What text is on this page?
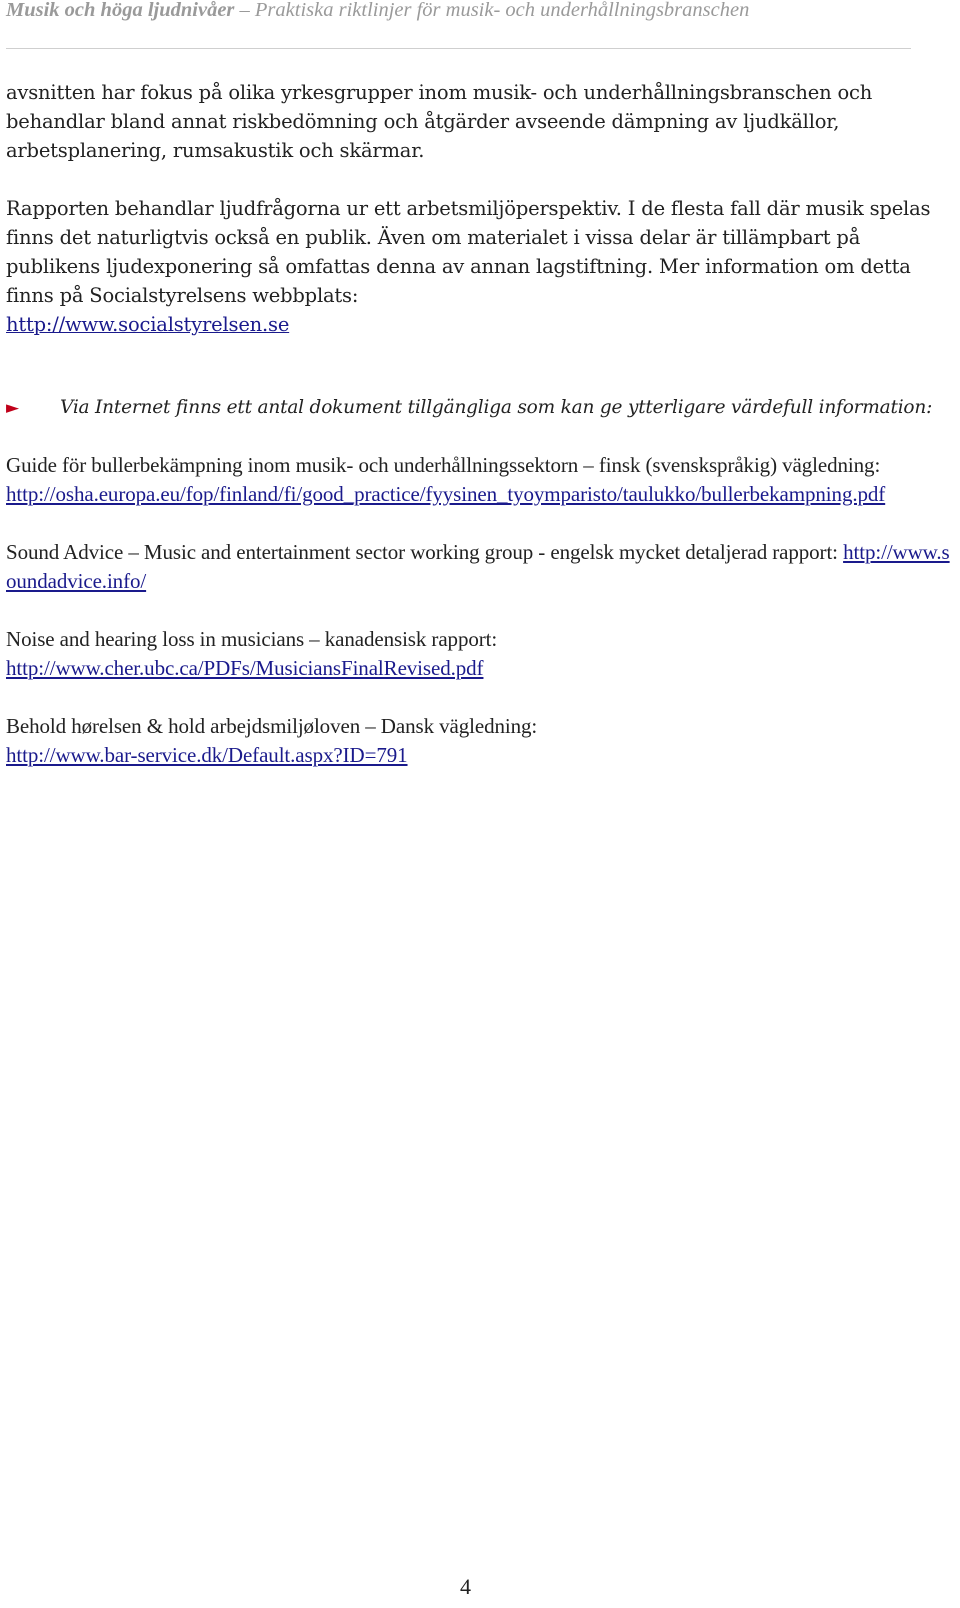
Musik och höga ljudnivåer – Praktiska riktlinjer för musik- och underhållningsbranschen

avsnitten har fokus på olika yrkesgrupper inom musik- och underhållningsbranschen och behandlar bland annat riskbedömning och åtgärder avseende dämpning av ljudkällor, arbetsplanering, rumsakustik och skärmar.

Rapporten behandlar ljudfrågorna ur ett arbetsmiljöperspektiv. I de flesta fall där musik spelas finns det naturligtvis också en publik. Även om materialet i vissa delar är tillämpbart på publikens ljudexponering så omfattas denna av annan lagstiftning. Mer information om detta finns på Socialstyrelsens webbplats:
http://www.socialstyrelsen.se

►	Via Internet finns ett antal dokument tillgängliga som kan ge ytterligare värdefull information:

Guide för bullerbekämpning inom musik- och underhållningssektorn – finsk (svenskspråkig) vägledning:
http://osha.europa.eu/fop/finland/fi/good_practice/fyysinen_tyoymparisto/taulukko/bullerbekampning.pdf

Sound Advice – Music and entertainment sector working group - engelsk mycket detaljerad rapport: http://www.soundadvice.info/

Noise and hearing loss in musicians – kanadensisk rapport:
http://www.cher.ubc.ca/PDFs/MusiciansFinalRevised.pdf

Behold hørelsen & hold arbejdsmiljøloven – Dansk vägledning:
http://www.bar-service.dk/Default.aspx?ID=791

4
